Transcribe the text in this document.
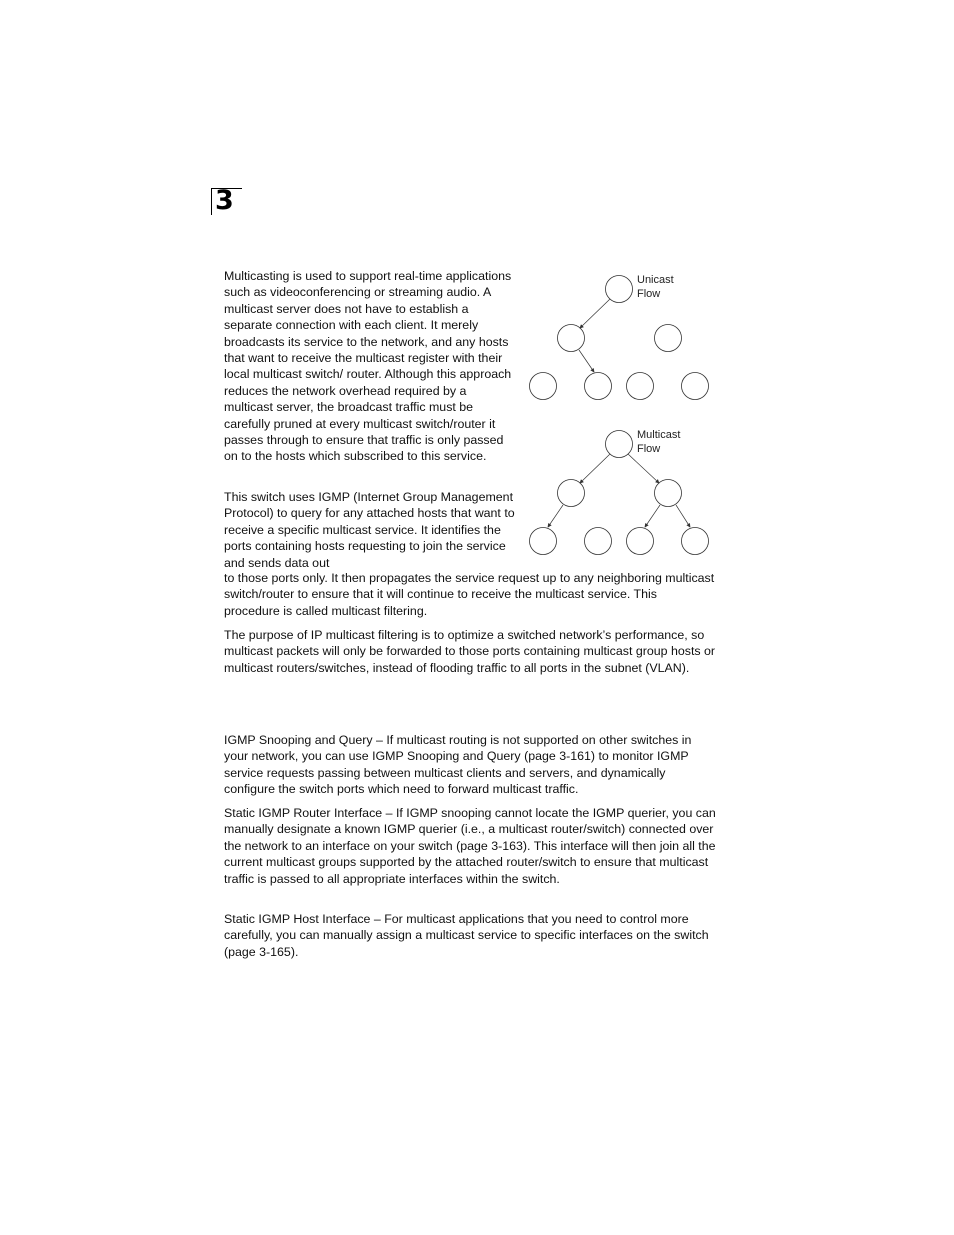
3

Multicasting is used to support real-time applications such as videoconferencing or streaming audio. A multicast server does not have to establish a separate connection with each client. It merely broadcasts its service to the network, and any hosts that want to receive the multicast register with their local multicast switch/ router. Although this approach reduces the network overhead required by a multicast server, the broadcast traffic must be carefully pruned at every multicast switch/router it passes through to ensure that traffic is only passed on to the hosts which subscribed to this service.

This switch uses IGMP (Internet Group Management Protocol) to query for any attached hosts that want to receive a specific multicast service. It identifies the ports containing hosts requesting to join the service and sends data out

to those ports only. It then propagates the service request up to any neighboring multicast switch/router to ensure that it will continue to receive the multicast service. This procedure is called multicast filtering.

The purpose of IP multicast filtering is to optimize a switched network’s performance, so multicast packets will only be forwarded to those ports containing multicast group hosts or multicast routers/switches, instead of flooding traffic to all ports in the subnet (VLAN).

IGMP Snooping and Query – If multicast routing is not supported on other switches in your network, you can use IGMP Snooping and Query (page 3-161) to monitor IGMP service requests passing between multicast clients and servers, and dynamically configure the switch ports which need to forward multicast traffic.

Static IGMP Router Interface – If IGMP snooping cannot locate the IGMP querier, you can manually designate a known IGMP querier (i.e., a multicast router/switch) connected over the network to an interface on your switch (page 3-163). This interface will then join all the current multicast groups supported by the attached router/switch to ensure that multicast traffic is passed to all appropriate interfaces within the switch.

Static IGMP Host Interface – For multicast applications that you need to control more carefully, you can manually assign a multicast service to specific interfaces on the switch (page 3-165).

Unicast
Flow
Multicast
Flow
